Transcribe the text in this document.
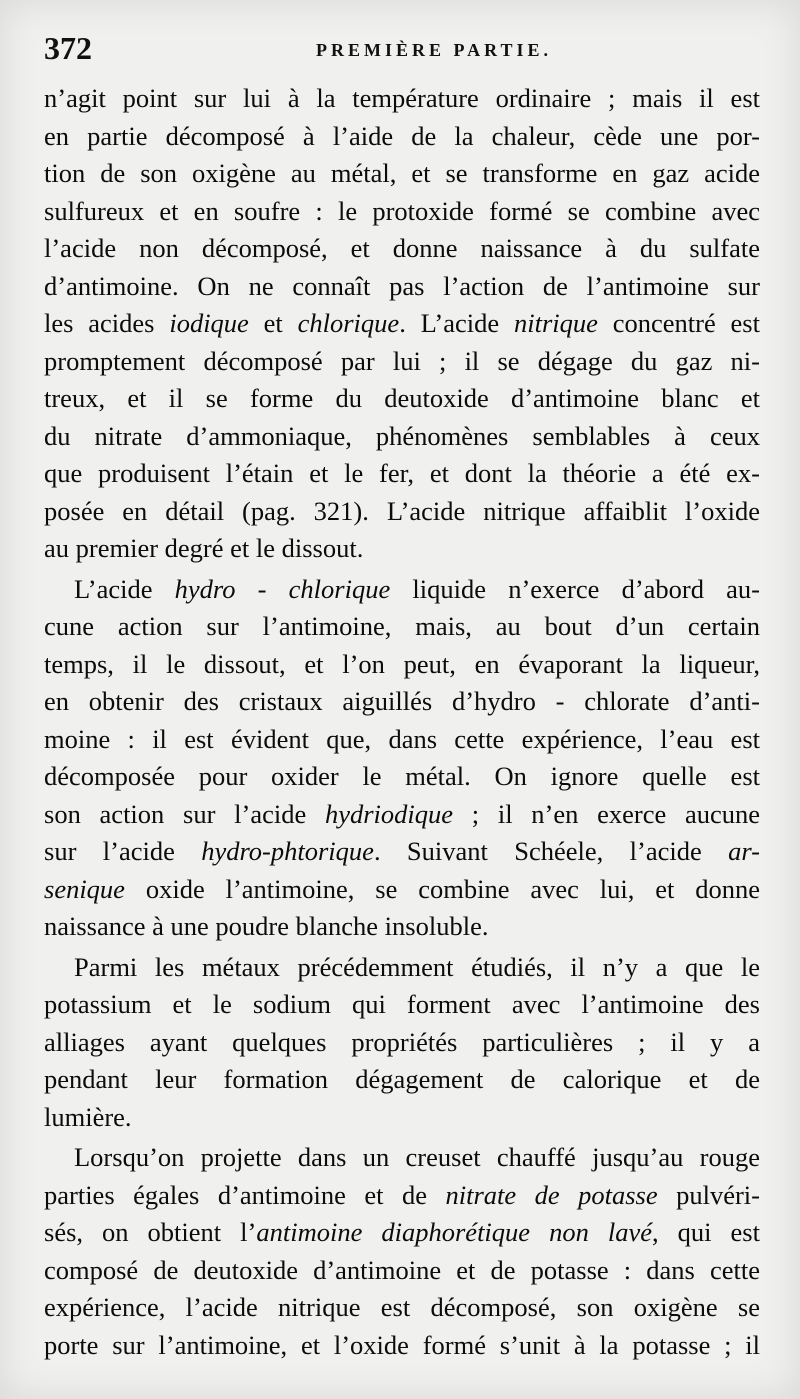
372	PREMIÈRE PARTIE.
n’agit point sur lui à la température ordinaire ; mais il est
en partie décomposé à l’aide de la chaleur, cède une por-
tion de son oxigène au métal, et se transforme en gaz acide
sulfureux et en soufre : le protoxide formé se combine avec
l’acide non décomposé, et donne naissance à du sulfate
d’antimoine. On ne connaît pas l’action de l’antimoine sur
les acides iodique et chlorique. L’acide nitrique concentré est
promptement décomposé par lui ; il se dégage du gaz ni-
treux, et il se forme du deutoxide d’antimoine blanc et
du nitrate d’ammoniaque, phénomènes semblables à ceux
que produisent l’étain et le fer, et dont la théorie a été ex-
posée en détail (pag. 321). L’acide nitrique affaiblit l’oxide
au premier degré et le dissout.
L’acide hydro - chlorique liquide n’exerce d’abord au-
cune action sur l’antimoine, mais, au bout d’un certain
temps, il le dissout, et l’on peut, en évaporant la liqueur,
en obtenir des cristaux aiguillés d’hydro - chlorate d’anti-
moine : il est évident que, dans cette expérience, l’eau est
décomposée pour oxider le métal. On ignore quelle est
son action sur l’acide hydriodique ; il n’en exerce aucune
sur l’acide hydro-phtorique. Suivant Schéele, l’acide ar-
senique oxide l’antimoine, se combine avec lui, et donne
naissance à une poudre blanche insoluble.
Parmi les métaux précédemment étudiés, il n’y a que le
potassium et le sodium qui forment avec l’antimoine des
alliages ayant quelques propriétés particulières ; il y a
pendant leur formation dégagement de calorique et de
lumière.
Lorsqu’on projette dans un creuset chauffé jusqu’au rouge
parties égales d’antimoine et de nitrate de potasse pulvéri-
sés, on obtient l’antimoine diaphorétique non lavé, qui est
composé de deutoxide d’antimoine et de potasse : dans cette
expérience, l’acide nitrique est décomposé, son oxigène se
porte sur l’antimoine, et l’oxide formé s’unit à la potasse ; il
